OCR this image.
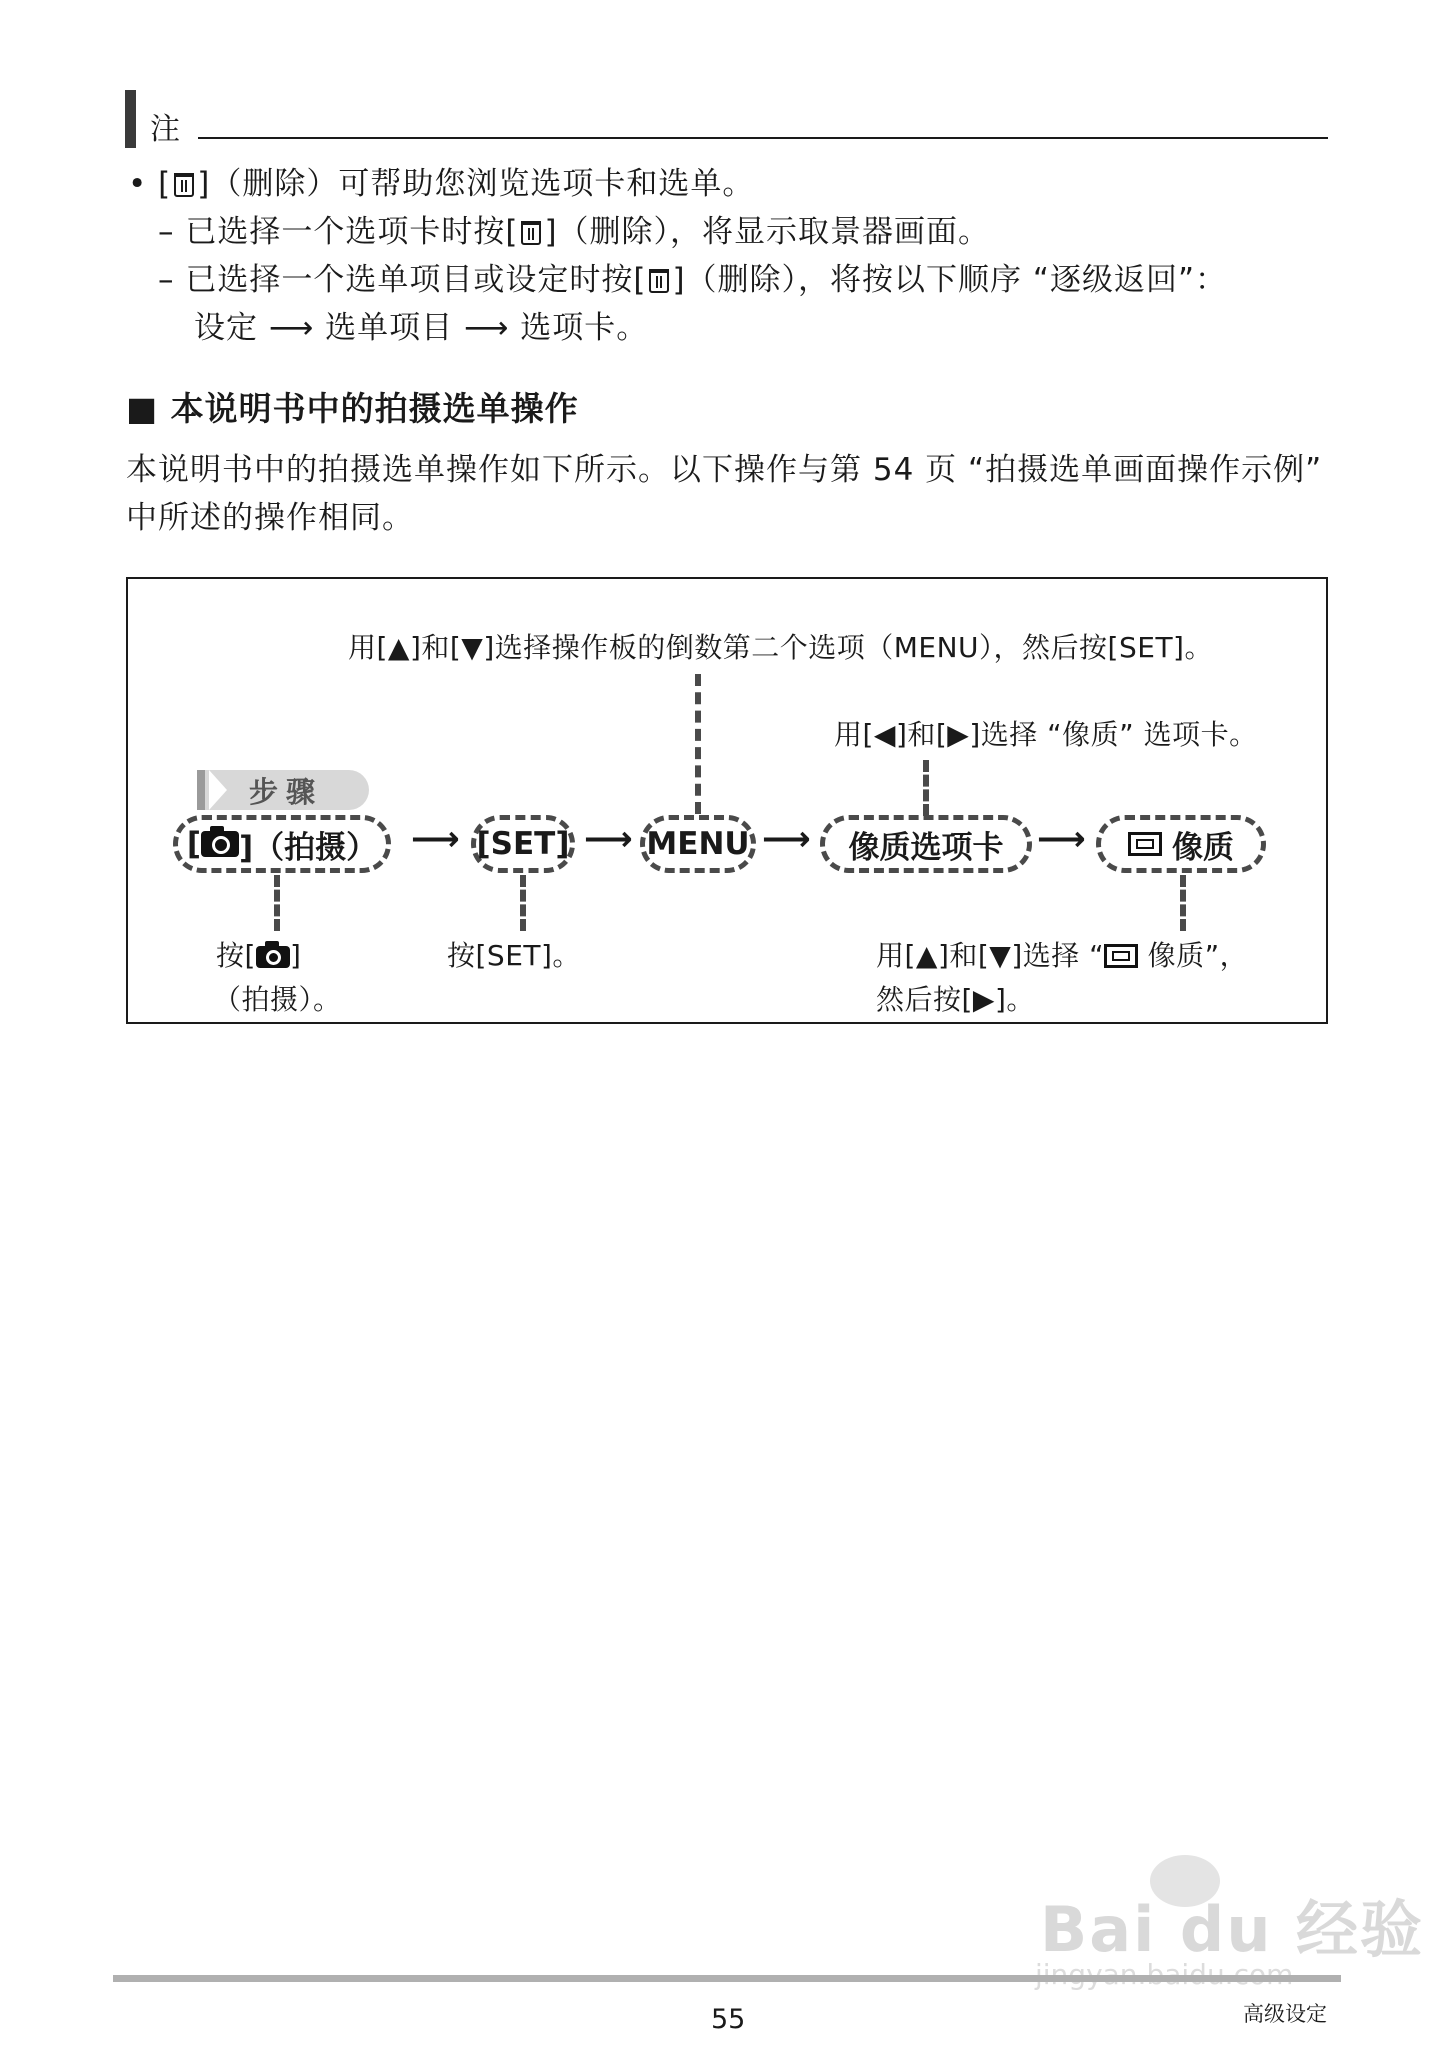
注
• [ ]（删除）可帮助您浏览选项卡和选单。
– 已选择一个选项卡时按[ ]（删除），将显示取景器画面。
– 已选择一个选单项目或设定时按[ ]（删除），将按以下顺序 “逐级返回”：
设定 ⟶ 选单项目 ⟶ 选项卡。
■ 本说明书中的拍摄选单操作
本说明书中的拍摄选单操作如下所示。以下操作与第 54 页 “拍摄选单画面操作示例”
中所述的操作相同。
用[▲]和[▼]选择操作板的倒数第二个选项（MENU），然后按[SET]。
用[◀]和[▶]选择 “像质” 选项卡。
步骤
[ ]（拍摄） ⟶ [SET] ⟶ MENU ⟶	像质选项卡 ⟶	像质
按[ ]
（拍摄）。
按[SET]。	用[▲]和[▼]选择 “ 像质”，
然后按[▶]。
Bai du 经验
55	高级设定
